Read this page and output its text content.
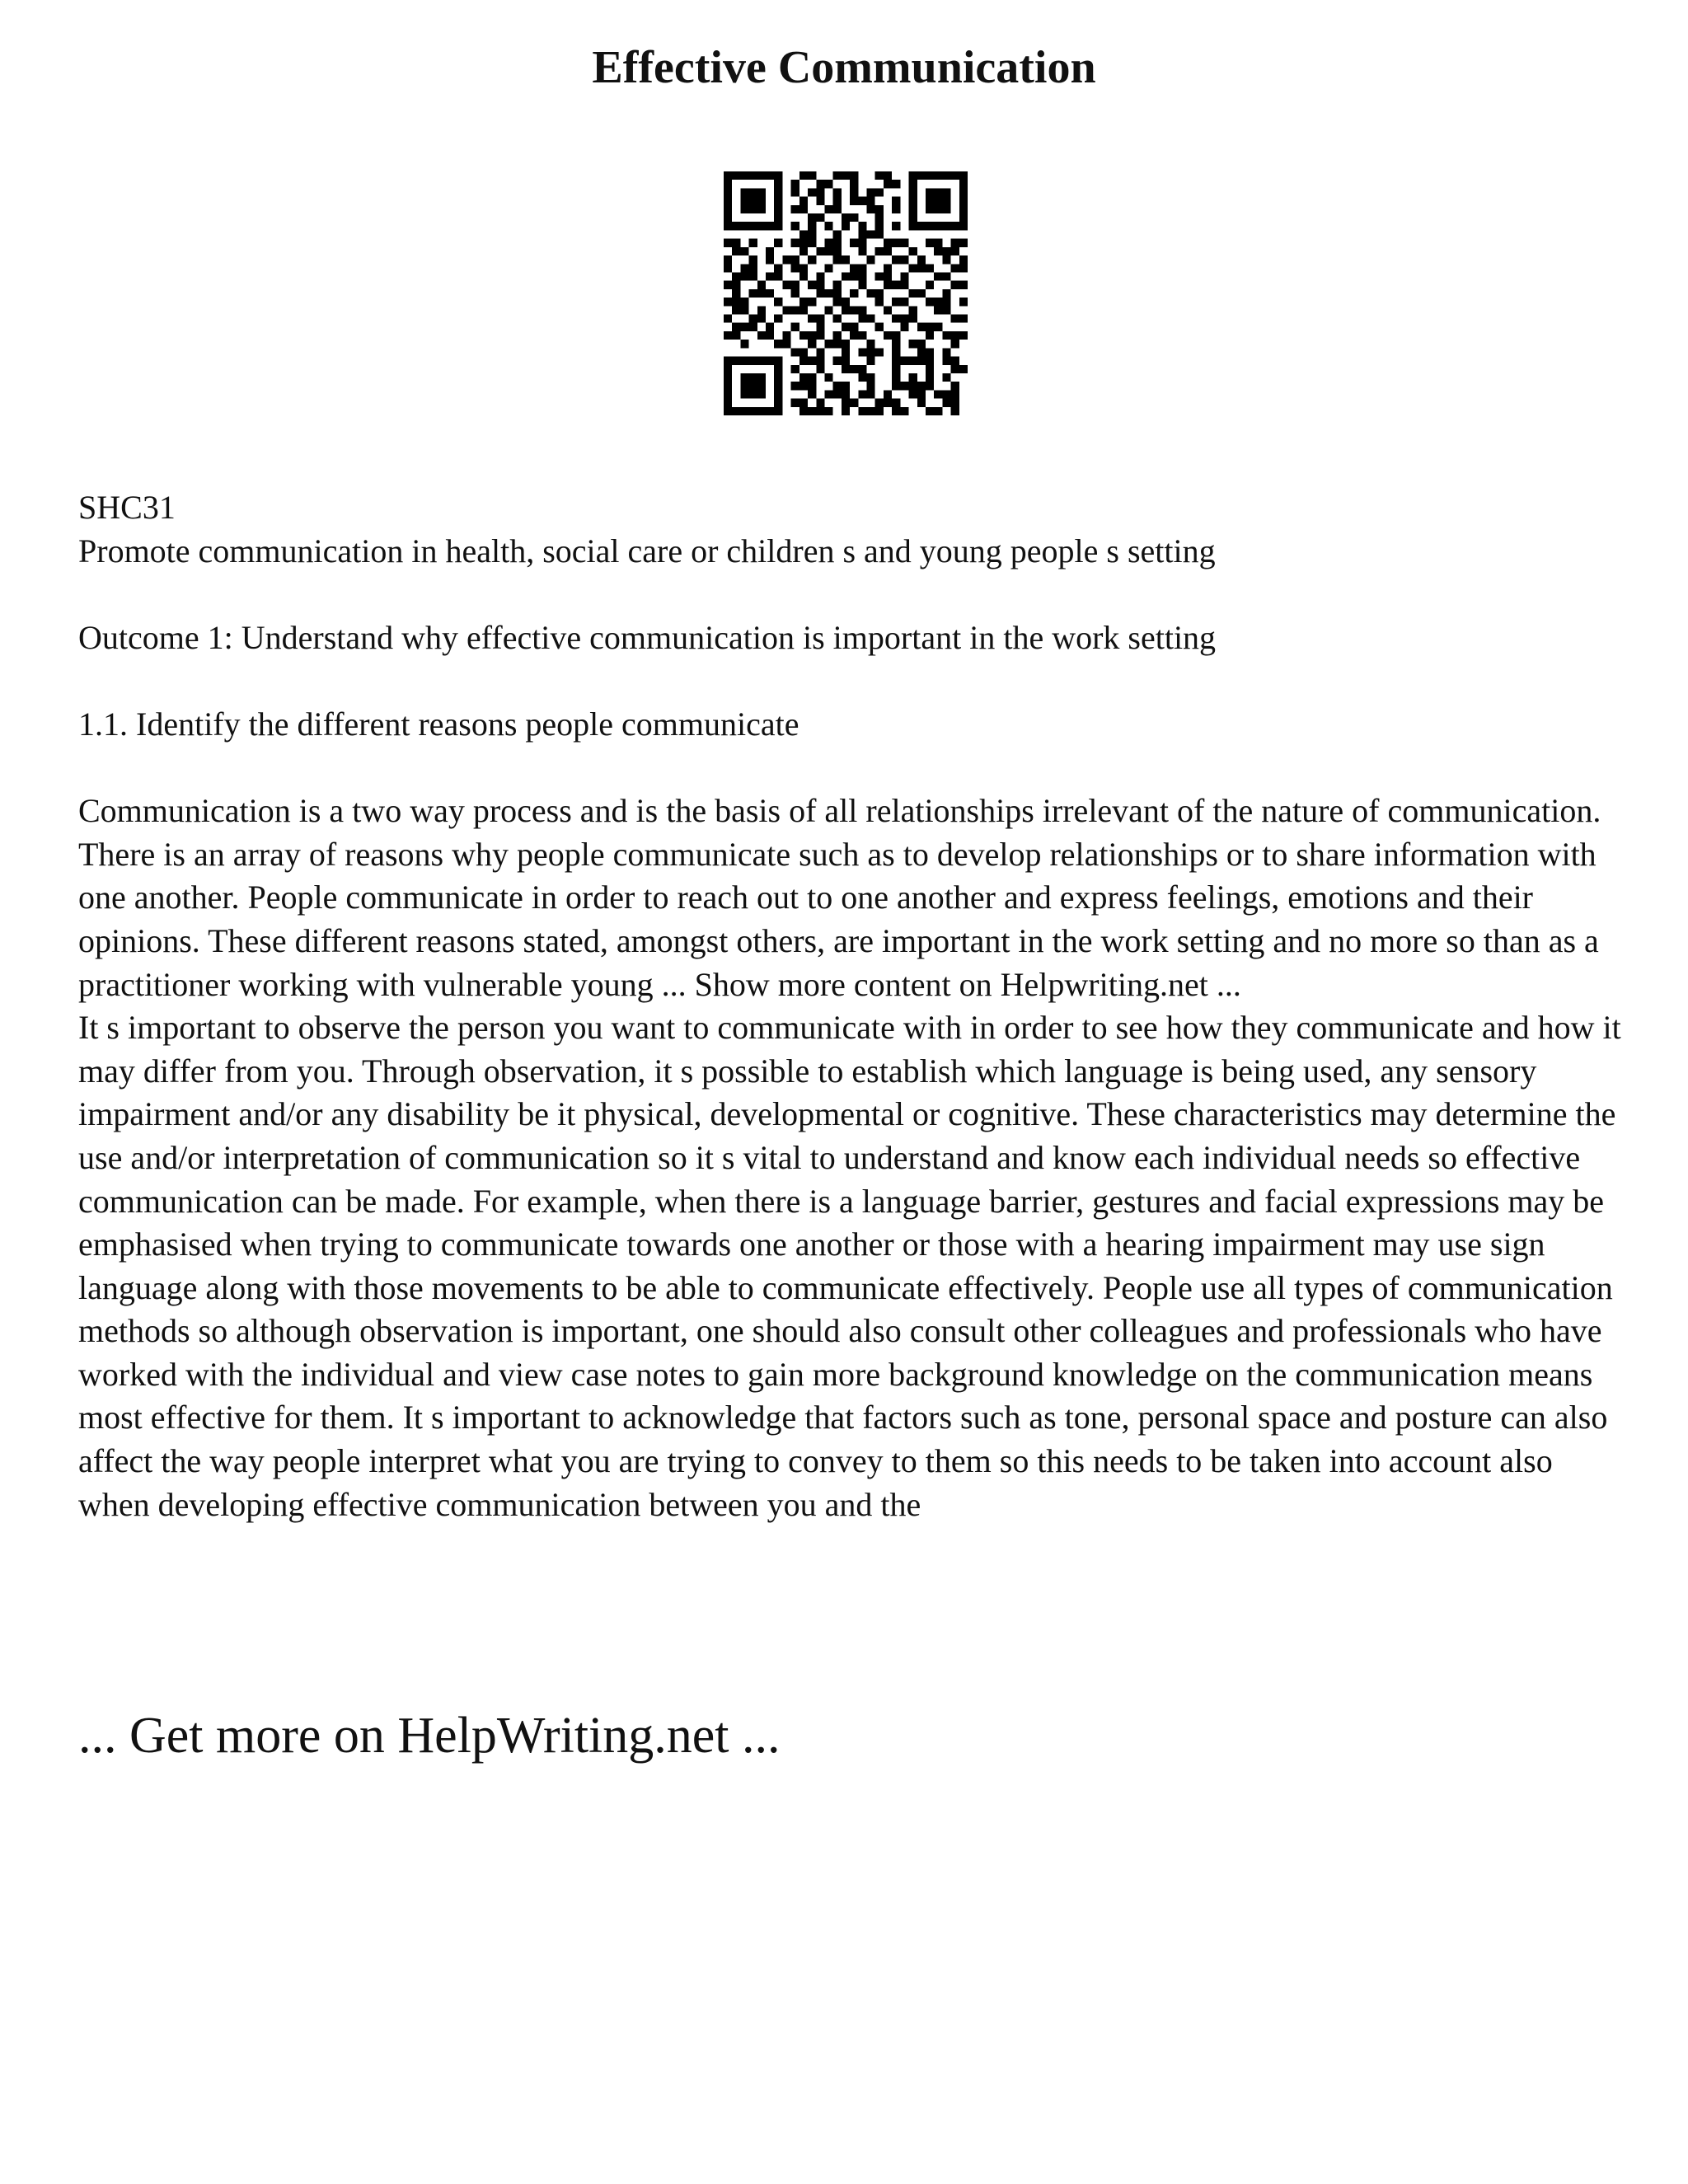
Effective Communication

SHC31

Promote communication in health, social care or children s and young people s setting

Outcome 1: Understand why effective communication is important in the work setting

1.1. Identify the different reasons people communicate

Communication is a two way process and is the basis of all relationships irrelevant of the nature of communication. There is an array of reasons why people communicate such as to develop relationships or to share information with one another. People communicate in order to reach out to one another and express feelings, emotions and their opinions. These different reasons stated, amongst others, are important in the work setting and no more so than as a practitioner working with vulnerable young ... Show more content on Helpwriting.net ...

It s important to observe the person you want to communicate with in order to see how they communicate and how it may differ from you. Through observation, it s possible to establish which language is being used, any sensory impairment and/or any disability be it physical, developmental or cognitive. These characteristics may determine the use and/or interpretation of communication so it s vital to understand and know each individual needs so effective communication can be made. For example, when there is a language barrier, gestures and facial expressions may be emphasised when trying to communicate towards one another or those with a hearing impairment may use sign language along with those movements to be able to communicate effectively. People use all types of communication methods so although observation is important, one should also consult other colleagues and professionals who have worked with the individual and view case notes to gain more background knowledge on the communication means most effective for them. It s important to acknowledge that factors such as tone, personal space and posture can also affect the way people interpret what you are trying to convey to them so this needs to be taken into account also when developing effective communication between you and the

... Get more on HelpWriting.net ...
